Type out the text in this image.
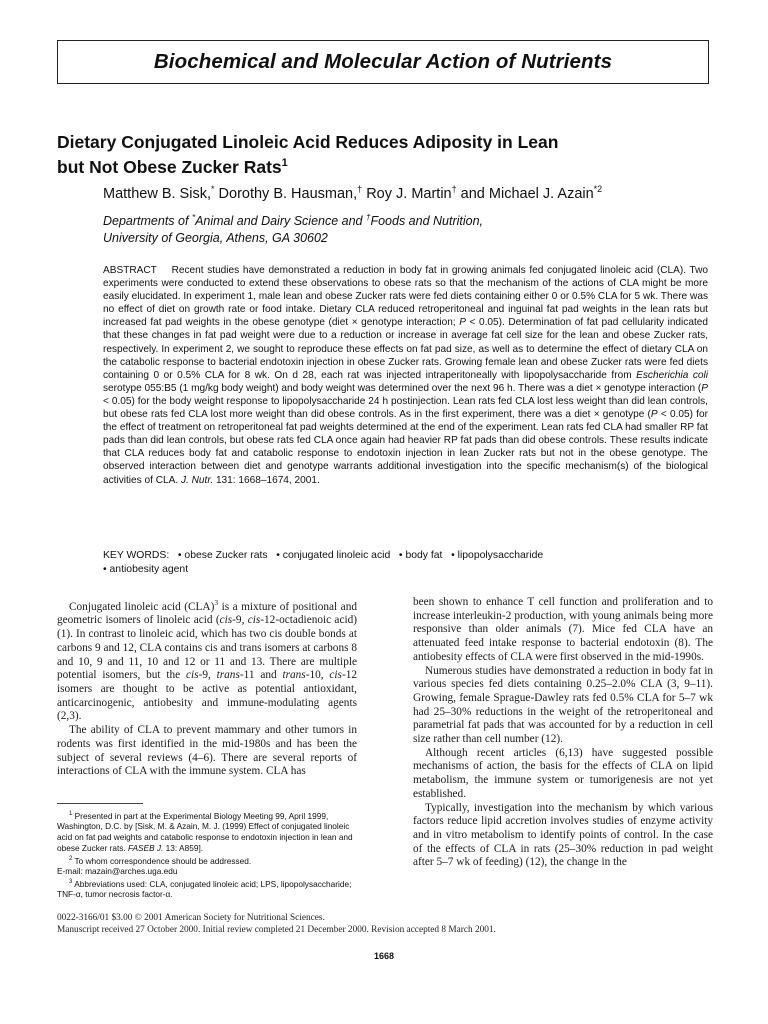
Biochemical and Molecular Action of Nutrients
Dietary Conjugated Linoleic Acid Reduces Adiposity in Lean
but Not Obese Zucker Rats$^1$
Matthew B. Sisk,* Dorothy B. Hausman,† Roy J. Martin† and Michael J. Azain$^{*2}$
Departments of *Animal and Dairy Science and †Foods and Nutrition,
University of Georgia, Athens, GA 30602
ABSTRACT Recent studies have demonstrated a reduction in body fat in growing animals fed conjugated linoleic acid (CLA). Two experiments were conducted to extend these observations to obese rats so that the mechanism of the actions of CLA might be more easily elucidated. In experiment 1, male lean and obese Zucker rats were fed diets containing either 0 or 0.5% CLA for 5 wk. There was no effect of diet on growth rate or food intake. Dietary CLA reduced retroperitoneal and inguinal fat pad weights in the lean rats but increased fat pad weights in the obese genotype (diet × genotype interaction; P < 0.05). Determination of fat pad cellularity indicated that these changes in fat pad weight were due to a reduction or increase in average fat cell size for the lean and obese Zucker rats, respectively. In experiment 2, we sought to reproduce these effects on fat pad size, as well as to determine the effect of dietary CLA on the catabolic response to bacterial endotoxin injection in obese Zucker rats. Growing female lean and obese Zucker rats were fed diets containing 0 or 0.5% CLA for 8 wk. On d 28, each rat was injected intraperitoneally with lipopolysaccharide from Escherichia coli serotype 055:B5 (1 mg/kg body weight) and body weight was determined over the next 96 h. There was a diet × genotype interaction (P < 0.05) for the body weight response to lipopolysaccharide 24 h postinjection. Lean rats fed CLA lost less weight than did lean controls, but obese rats fed CLA lost more weight than did obese controls. As in the first experiment, there was a diet × genotype (P < 0.05) for the effect of treatment on retroperitoneal fat pad weights determined at the end of the experiment. Lean rats fed CLA had smaller RP fat pads than did lean controls, but obese rats fed CLA once again had heavier RP fat pads than did obese controls. These results indicate that CLA reduces body fat and catabolic response to endotoxin injection in lean Zucker rats but not in the obese genotype. The observed interaction between diet and genotype warrants additional investigation into the specific mechanism(s) of the biological activities of CLA. J. Nutr. 131: 1668–1674, 2001.
KEY WORDS: • obese Zucker rats • conjugated linoleic acid • body fat • lipopolysaccharide
• antiobesity agent

Conjugated linoleic acid (CLA)$^3$ is a mixture of positional and geometric isomers of linoleic acid (cis-9, cis-12-octadienoic acid) (1). In contrast to linoleic acid, which has two cis double bonds at carbons 9 and 12, CLA contains cis and trans isomers at carbons 8 and 10, 9 and 11, 10 and 12 or 11 and 13. There are multiple potential isomers, but the cis-9, trans-11 and trans-10, cis-12 isomers are thought to be active as potential antioxidant, anticarcinogenic, antiobesity and immune-modulating agents (2,3).

The ability of CLA to prevent mammary and other tumors in rodents was first identified in the mid-1980s and has been the subject of several reviews (4–6). There are several reports of interactions of CLA with the immune system. CLA has

been shown to enhance T cell function and proliferation and to increase interleukin-2 production, with young animals being more responsive than older animals (7). Mice fed CLA have an attenuated feed intake response to bacterial endotoxin (8). The antiobesity effects of CLA were first observed in the mid-1990s.

Numerous studies have demonstrated a reduction in body fat in various species fed diets containing 0.25–2.0% CLA (3, 9–11). Growing, female Sprague-Dawley rats fed 0.5% CLA for 5–7 wk had 25–30% reductions in the weight of the retroperitoneal and parametrial fat pads that was accounted for by a reduction in cell size rather than cell number (12).

Although recent articles (6,13) have suggested possible mechanisms of action, the basis for the effects of CLA on lipid metabolism, the immune system or tumorigenesis are not yet established.

Typically, investigation into the mechanism by which various factors reduce lipid accretion involves studies of enzyme activity and in vitro metabolism to identify points of control. In the case of the effects of CLA in rats (25–30% reduction in pad weight after 5–7 wk of feeding) (12), the change in the

$^1$ Presented in part at the Experimental Biology Meeting 99, April 1999, Washington, D.C. by [Sisk, M. & Azain, M. J. (1999) Effect of conjugated linoleic acid on fat pad weights and catabolic response to endotoxin injection in lean and obese Zucker rats. FASEB J. 13: A859].

$^2$ To whom correspondence should be addressed.

E-mail: mazain@arches.uga.edu

$^3$ Abbreviations used: CLA, conjugated linoleic acid; LPS, lipopolysaccharide; TNF-α, tumor necrosis factor-α.

0022-3166/01 $3.00 © 2001 American Society for Nutritional Sciences.
Manuscript received 27 October 2000. Initial review completed 21 December 2000. Revision accepted 8 March 2001.
1668
